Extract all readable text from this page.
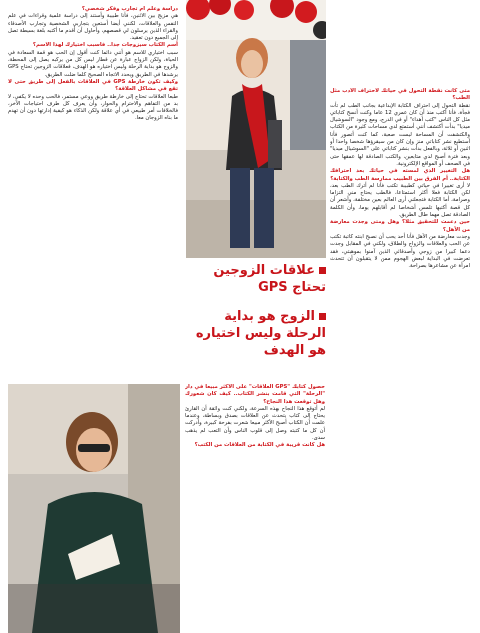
متى كانت نقطة التحول في حياتك لاحتراف الأدب مثل الطب؟

نقطة التحول إلى احتراف الكتابة الإبداعية بجانب الطب لم تأت فجأة، فأنا أكتب منذ أن كان عمري 12 عاما وكنت أنسخ كتاباتي مثل كل الناس "كتب أهداء" أو في الدرج، ومع وجود "السوشيال ميديا" بدأت أكتشف أنني أستمتع لدي مساحات كثيرة من الكتاب والكتشفت أن المساحة ليست صعبة، كما كنت أتصور فأنا أستطيع نشر كتاباتي منز وإن كان من سيقرؤها شخصا واحدا أو اثنين أو ثلاثة، وبالفعل بدأت بنشر كتاباتي على "السوشيال ميديا" وبعد فترة أصبح لدي متابعين، والكتب الصادقة لها عمقها حتى في الصحف أو المواقع الإلكترونية.

هل التغيير الذي لمسته في حياتك بعد احترافك الكتابة.. أم الفرق بين الطبيب ممارسة الطب والكتابة؟

لا أرى تغييرا في حياتي كطبيبة تكتب فأنا لم أترك الطب بعد، لكن الكتابة فعلا أكثر استمتاعا، فالطب يحتاج مني التزاما وصرامة، أما الكتابة فتجعلني أرى العالم بعين مختلفة، وأشعر أن كل قصة أكتبها تلمس أشخاصا لم أقابلهم يوما، وأن الكلمة الصادقة تصل مهما طال الطريق.

حين دعمت للتحقيق مثلا؟ وهل ومتى وجدت معارضة من الأهل؟

وجدت معارضة من الأهل فأنا أحد يحب أن نصبح ابنته كاتبة تكتب عن الحب والعلاقات والزواج والطلاق، ولكني في المقابل وجدت دعما كبيرا من زوجي وأصدقائي الذين آمنوا بموهبتي، فقد تعرضت في البداية لبعض الهجوم ممن لا يتقبلون أن تتحدث امرأة عن مشاعرها بصراحة.

دراسة وعلم أم تجارب وفكر شخصي؟

هي مزيج بين الاثنين، فأنا طبيبة وأستند إلى دراسة علمية وقراءات في علم النفس والعلاقات، لكنني أيضا أستعين بتجاربي الشخصية وتجارب الأصدقاء والقراء الذين يرسلون لي قصصهم، وأحاول أن أقدم ما أكتبه بلغة بسيطة تصل إلى الجميع دون تعقيد.

أسم الكتاب سيزوجات جدا.. فاسبب اختيارك لهذا الاسم؟

سبب اختياري للاسم هو أنني دائما كنت أقول إن الحب هو قمة السعادة في الحياة، ولكن الزواج عبارة عن قطار ليس كل من يركبه يصل إلى المحطة، والزوج هو بداية الرحلة وليس اختياره هو الهدف، فعلاقات الزوجين تحتاج GPS يرشدها في الطريق ويحدد الاتجاه الصحيح كلما ضلت الطريق.

وكيف تكون خارطة GPS في العلاقات بالفعل إلى طريق حتى لا تقع في مشاكل العلاقة؟

طبعا العلاقات تحتاج إلى خارطة طريق ووعي مستمر، فالحب وحده لا يكفي، لا بد من التفاهم والاحترام والحوار، وأن يعرف كل طرف احتياجات الآخر، فالخلافات أمر طبيعي في أي علاقة ولكن الذكاء هو كيفية إدارتها دون أن تهدم ما بناه الزوجان معا.

علاقات الزوجين تحتاج GPS

الزوج هو بداية الرحلة وليس اختياره هو الهدف

حصول كتابك "GPS العلاقات" على الأكثر مبيعا في دار "الرحلة" التي قامت بنشر الكتاب.. كيف كان شعورك وهل توقعت هذا النجاح؟

لم أتوقع هذا النجاح بهذه السرعة، ولكني كنت واثقة أن القارئ يحتاج إلى كتاب يتحدث عن العلاقات بصدق وبساطة، وعندما علمت أن الكتاب أصبح الأكثر مبيعا شعرت بفرحة كبيرة، وأدركت أن كل ما كتبته وصل إلى قلوب الناس وأن التعب لم يذهب سدى.

هل كانت قريبة في الكتابة من العلاقات من الكتب؟
